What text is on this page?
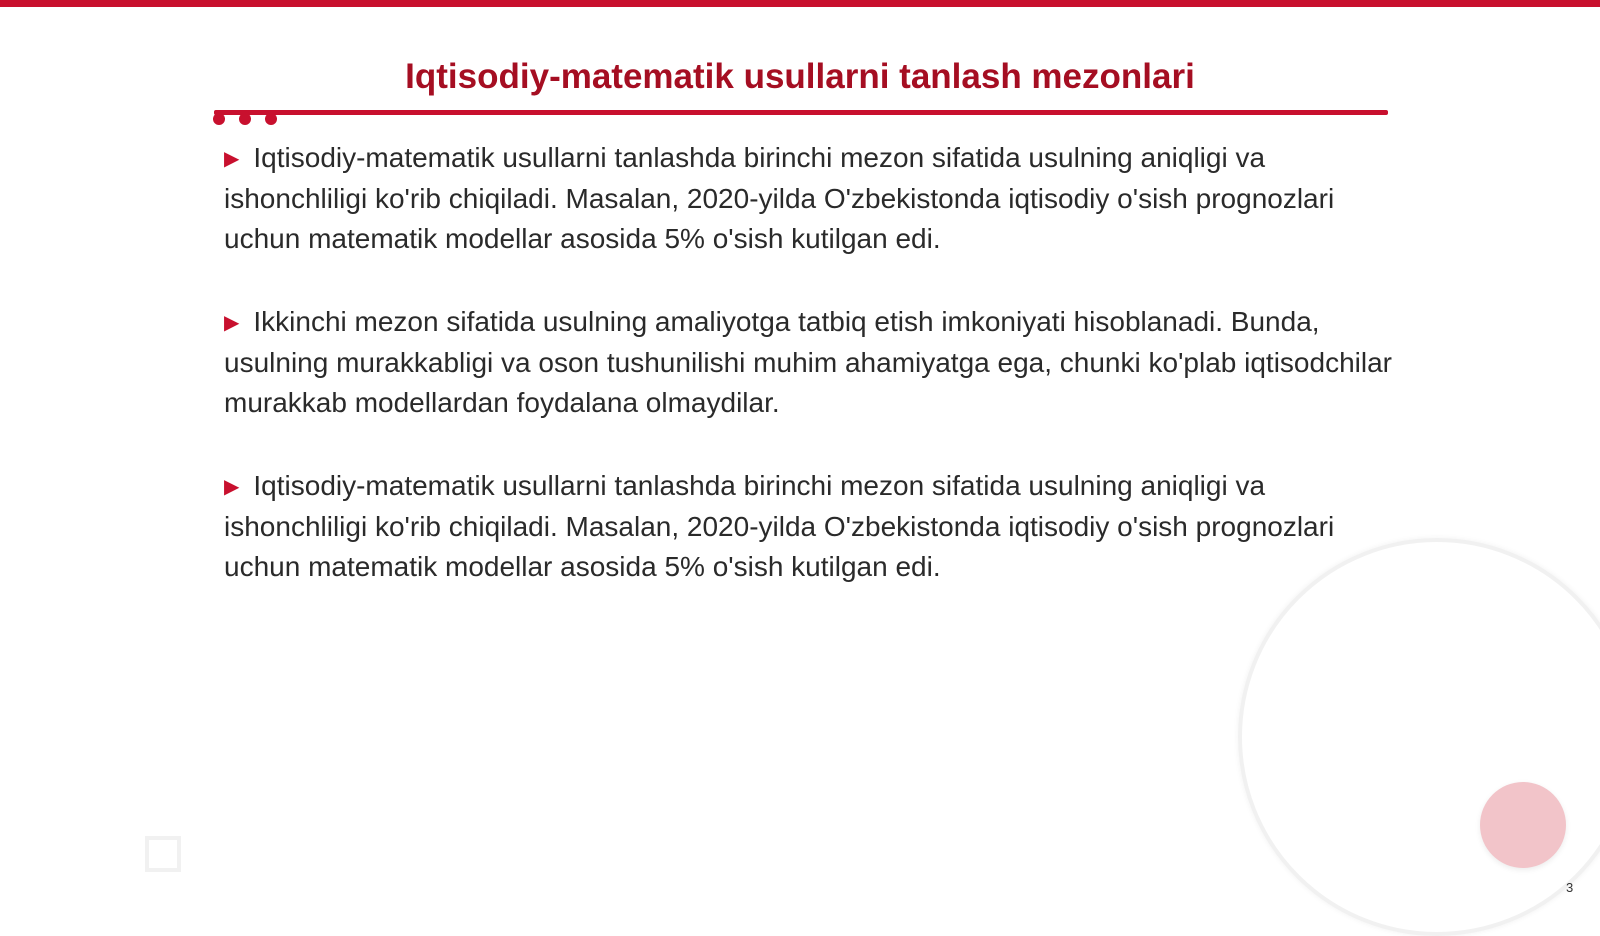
Iqtisodiy-matematik usullarni tanlash mezonlari

▶ Iqtisodiy-matematik usullarni tanlashda birinchi mezon sifatida usulning aniqligi va ishonchliligi ko'rib chiqiladi. Masalan, 2020-yilda O'zbekistonda iqtisodiy o'sish prognozlari uchun matematik modellar asosida 5% o'sish kutilgan edi.

▶ Ikkinchi mezon sifatida usulning amaliyotga tatbiq etish imkoniyati hisoblanadi. Bunda, usulning murakkabligi va oson tushunilishi muhim ahamiyatga ega, chunki ko'plab iqtisodchilar murakkab modellardan foydalana olmaydilar.

▶ Iqtisodiy-matematik usullarni tanlashda birinchi mezon sifatida usulning aniqligi va ishonchliligi ko'rib chiqiladi. Masalan, 2020-yilda O'zbekistonda iqtisodiy o'sish prognozlari uchun matematik modellar asosida 5% o'sish kutilgan edi.

3
